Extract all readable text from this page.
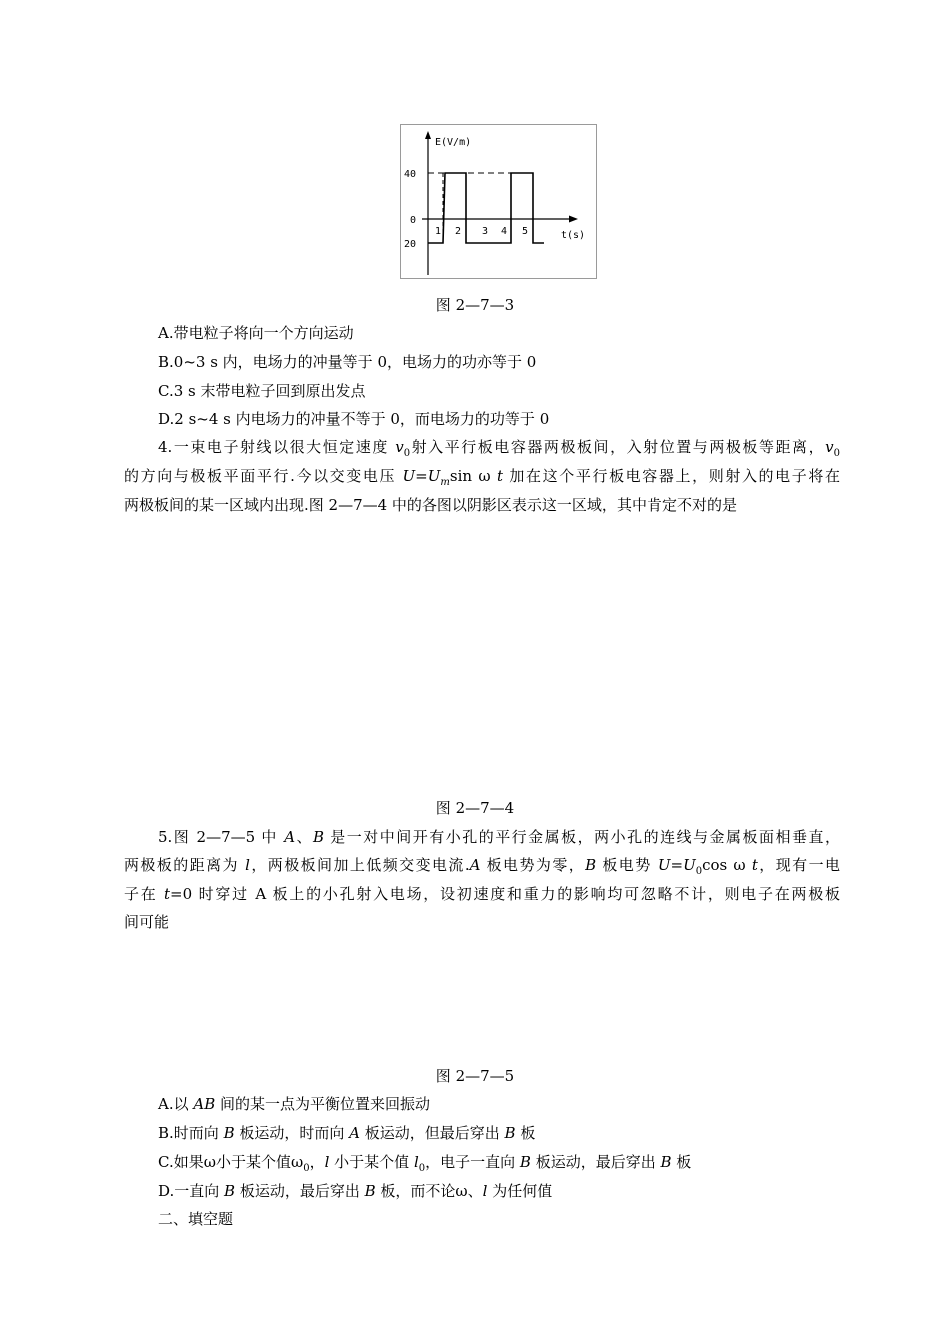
E(V/m)
t(s)
40
0
20
1 2 3 4 5
图 2—7—3
A.带电粒子将向一个方向运动
B.0~3 s 内，电场力的冲量等于 0，电场力的功亦等于 0
C.3 s 末带电粒子回到原出发点
D.2 s~4 s 内电场力的冲量不等于 0，而电场力的功等于 0
4.一束电子射线以很大恒定速度 $v_0$射入平行板电容器两极板间，入射位置与两极板等距离，$v_0$
的方向与极板平面平行.今以交变电压 $U=U_m\sin$ ω t 加在这个平行板电容器上，则射入的电子将在
两极板间的某一区域内出现.图 2—7—4 中的各图以阴影区表示这一区域，其中肯定不对的是
图 2—7—4
5.图 2—7—5 中 A、B 是一对中间开有小孔的平行金属板，两小孔的连线与金属板面相垂直，
两极板的距离为 l，两极板间加上低频交变电流.A 板电势为零，B 板电势 $U=U_0\cos$ ω t，现有一电
子在 t=0 时穿过 A 板上的小孔射入电场，设初速度和重力的影响均可忽略不计，则电子在两极板
间可能
图 2—7—5
A.以 AB 间的某一点为平衡位置来回振动
B.时而向 B 板运动，时而向 A 板运动，但最后穿出 B 板
C.如果ω小于某个值$\omega_0$，l 小于某个值 $l_0$，电子一直向 B 板运动，最后穿出 B 板
D.一直向 B 板运动，最后穿出 B 板，而不论ω、l 为任何值
二、填空题
